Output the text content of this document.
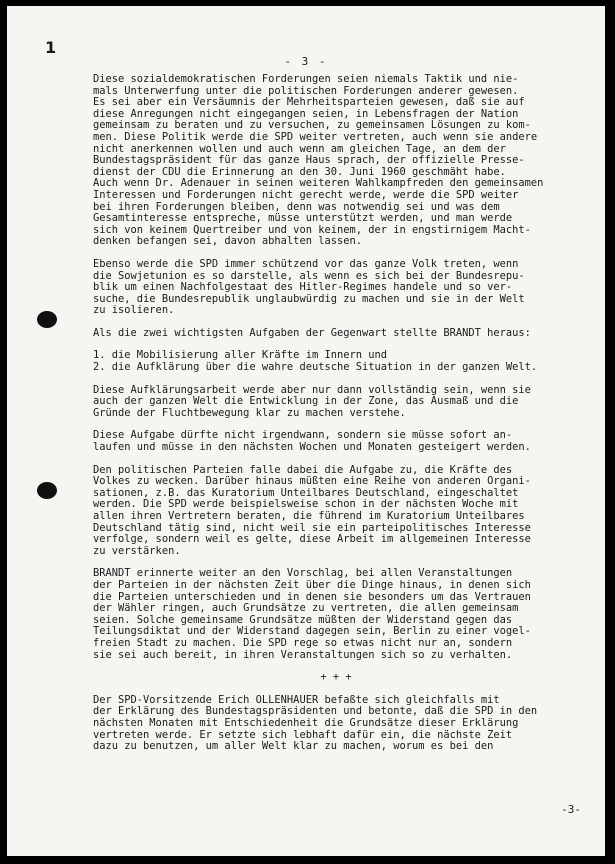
1
- 3 -
Diese sozialdemokratischen Forderungen seien niemals Taktik und nie-
mals Unterwerfung unter die politischen Forderungen anderer gewesen.
Es sei aber ein Versäumnis der Mehrheitsparteien gewesen, daß sie auf
diese Anregungen nicht eingegangen seien, in Lebensfragen der Nation
gemeinsam zu beraten und zu versuchen, zu gemeinsamen Lösungen zu kom-
men. Diese Politik werde die SPD weiter vertreten, auch wenn sie andere
nicht anerkennen wollen und auch wenn am gleichen Tage, an dem der
Bundestagspräsident für das ganze Haus sprach, der offizielle Presse-
dienst der CDU die Erinnerung an den 30. Juni 1960 geschmäht habe.
Auch wenn Dr. Adenauer in seinen weiteren Wahlkampfreden den gemeinsamen
Interessen und Forderungen nicht gerecht werde, werde die SPD weiter
bei ihren Forderungen bleiben, denn was notwendig sei und was dem
Gesamtinteresse entspreche, müsse unterstützt werden, und man werde
sich von keinem Quertreiber und von keinem, der in engstirnigem Macht-
denken befangen sei, davon abhalten lassen.
Ebenso werde die SPD immer schützend vor das ganze Volk treten, wenn
die Sowjetunion es so darstelle, als wenn es sich bei der Bundesrepu-
blik um einen Nachfolgestaat des Hitler-Regimes handele und so ver-
suche, die Bundesrepublik unglaubwürdig zu machen und sie in der Welt
zu isolieren.
Als die zwei wichtigsten Aufgaben der Gegenwart stellte BRANDT heraus:
1. die Mobilisierung aller Kräfte im Innern und
2. die Aufklärung über die wahre deutsche Situation in der ganzen Welt.
Diese Aufklärungsarbeit werde aber nur dann vollständig sein, wenn sie
auch der ganzen Welt die Entwicklung in der Zone, das Ausmaß und die
Gründe der Fluchtbewegung klar zu machen verstehe.
Diese Aufgabe dürfte nicht irgendwann, sondern sie müsse sofort an-
laufen und müsse in den nächsten Wochen und Monaten gesteigert werden.
Den politischen Parteien falle dabei die Aufgabe zu, die Kräfte des
Volkes zu wecken. Darüber hinaus müßten eine Reihe von anderen Organi-
sationen, z.B. das Kuratorium Unteilbares Deutschland, eingeschaltet
werden. Die SPD werde beispielsweise schon in der nächsten Woche mit
allen ihren Vertretern beraten, die führend im Kuratorium Unteilbares
Deutschland tätig sind, nicht weil sie ein parteipolitisches Interesse
verfolge, sondern weil es gelte, diese Arbeit im allgemeinen Interesse
zu verstärken.
BRANDT erinnerte weiter an den Vorschlag, bei allen Veranstaltungen
der Parteien in der nächsten Zeit über die Dinge hinaus, in denen sich
die Parteien unterschieden und in denen sie besonders um das Vertrauen
der Wähler ringen, auch Grundsätze zu vertreten, die allen gemeinsam
seien. Solche gemeinsame Grundsätze müßten der Widerstand gegen das
Teilungsdiktat und der Widerstand dagegen sein, Berlin zu einer vogel-
freien Stadt zu machen. Die SPD rege so etwas nicht nur an, sondern
sie sei auch bereit, in ihren Veranstaltungen sich so zu verhalten.
+ + +
Der SPD-Vorsitzende Erich OLLENHAUER befaßte sich gleichfalls mit
der Erklärung des Bundestagspräsidenten und betonte, daß die SPD in den
nächsten Monaten mit Entschiedenheit die Grundsätze dieser Erklärung
vertreten werde. Er setzte sich lebhaft dafür ein, die nächste Zeit
dazu zu benutzen, um aller Welt klar zu machen, worum es bei den
-3-
